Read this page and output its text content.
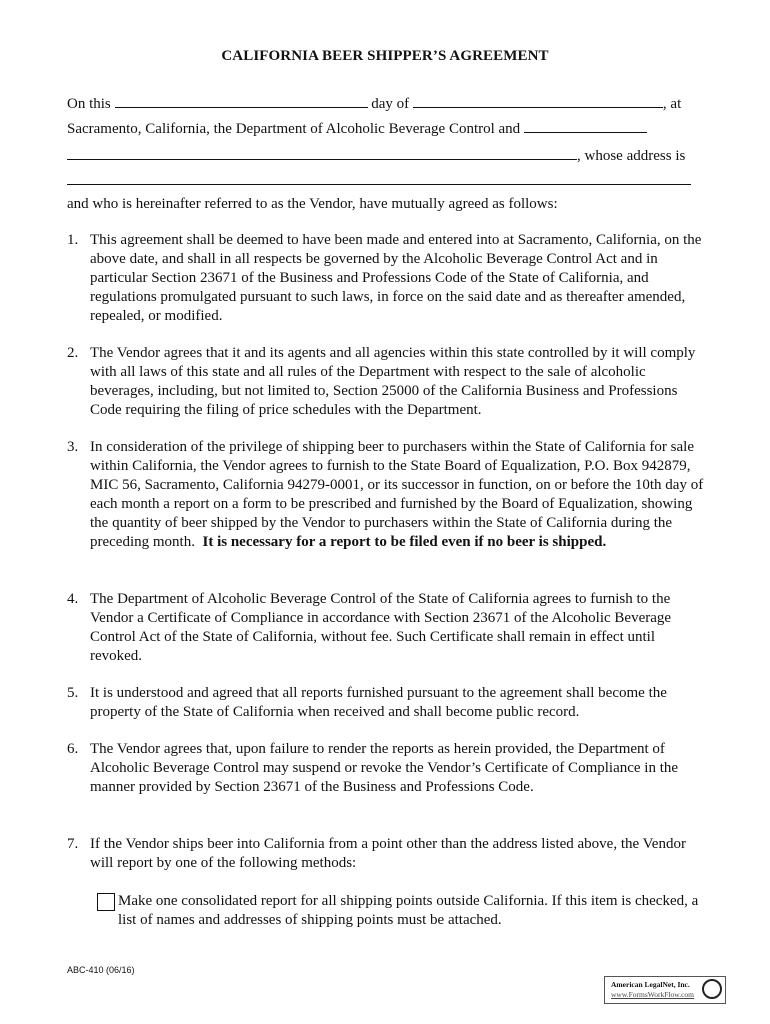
CALIFORNIA BEER SHIPPER’S AGREEMENT
On this	day of	, at
Sacramento, California, the Department of Alcoholic Beverage Control and
, whose address is
and who is hereinafter referred to as the Vendor, have mutually agreed as follows:
1. This agreement shall be deemed to have been made and entered into at Sacramento, California, on the above date, and shall in all respects be governed by the Alcoholic Beverage Control Act and in particular Section 23671 of the Business and Professions Code of the State of California, and regulations promulgated pursuant to such laws, in force on the said date and as thereafter amended, repealed, or modified.
2. The Vendor agrees that it and its agents and all agencies within this state controlled by it will comply with all laws of this state and all rules of the Department with respect to the sale of alcoholic beverages, including, but not limited to, Section 25000 of the California Business and Professions Code requiring the filing of price schedules with the Department.
3. In consideration of the privilege of shipping beer to purchasers within the State of California for sale within California, the Vendor agrees to furnish to the State Board of Equalization, P.O. Box 942879, MIC 56, Sacramento, California 94279-0001, or its successor in function, on or before the 10th day of each month a report on a form to be prescribed and furnished by the Board of Equalization, showing the quantity of beer shipped by the Vendor to purchasers within the State of California during the preceding month. It is necessary for a report to be filed even if no beer is shipped.
4. The Department of Alcoholic Beverage Control of the State of California agrees to furnish to the Vendor a Certificate of Compliance in accordance with Section 23671 of the Alcoholic Beverage Control Act of the State of California, without fee. Such Certificate shall remain in effect until revoked.
5. It is understood and agreed that all reports furnished pursuant to the agreement shall become the property of the State of California when received and shall become public record.
6. The Vendor agrees that, upon failure to render the reports as herein provided, the Department of Alcoholic Beverage Control may suspend or revoke the Vendor’s Certificate of Compliance in the manner provided by Section 23671 of the Business and Professions Code.
7. If the Vendor ships beer into California from a point other than the address listed above, the Vendor will report by one of the following methods:
Make one consolidated report for all shipping points outside California. If this item is checked, a list of names and addresses of shipping points must be attached.
ABC-410 (06/16)
American LegalNet, Inc.
www.FormsWorkFlow.com
